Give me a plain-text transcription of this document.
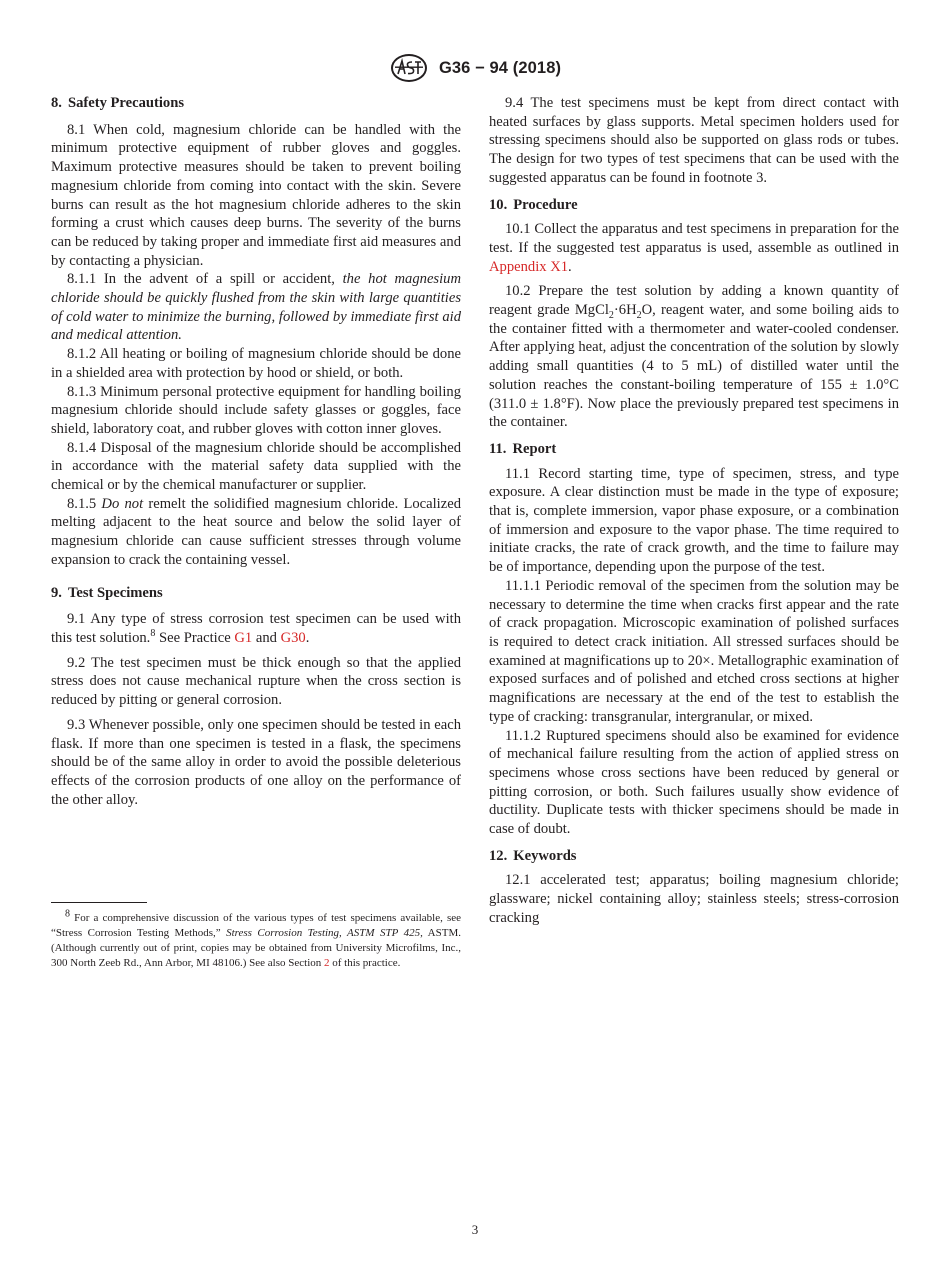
G36 − 94 (2018)
8. Safety Precautions

8.1 When cold, magnesium chloride can be handled with the minimum protective equipment of rubber gloves and goggles. Maximum protective measures should be taken to prevent boiling magnesium chloride from coming into contact with the skin. Severe burns can result as the hot magnesium chloride adheres to the skin forming a crust which causes deep burns. The severity of the burns can be reduced by taking proper and immediate first aid measures and by contacting a physician.

8.1.1 In the advent of a spill or accident, the hot magnesium chloride should be quickly flushed from the skin with large quantities of cold water to minimize the burning, followed by immediate first aid and medical attention.

8.1.2 All heating or boiling of magnesium chloride should be done in a shielded area with protection by hood or shield, or both.

8.1.3 Minimum personal protective equipment for handling boiling magnesium chloride should include safety glasses or goggles, face shield, laboratory coat, and rubber gloves with cotton inner gloves.

8.1.4 Disposal of the magnesium chloride should be accomplished in accordance with the material safety data supplied with the chemical or by the chemical manufacturer or supplier.

8.1.5 Do not remelt the solidified magnesium chloride. Localized melting adjacent to the heat source and below the solid layer of magnesium chloride can cause sufficient stresses through volume expansion to crack the containing vessel.

9. Test Specimens

9.1 Any type of stress corrosion test specimen can be used with this test solution.$^8$ See Practice G1 and G30.

9.2 The test specimen must be thick enough so that the applied stress does not cause mechanical rupture when the cross section is reduced by pitting or general corrosion.

9.3 Whenever possible, only one specimen should be tested in each flask. If more than one specimen is tested in a flask, the specimens should be of the same alloy in order to avoid the possible deleterious effects of the corrosion products of one alloy on the performance of the other alloy.

$^8$ For a comprehensive discussion of the various types of test specimens available, see “Stress Corrosion Testing Methods,” Stress Corrosion Testing, ASTM STP 425, ASTM. (Although currently out of print, copies may be obtained from University Microfilms, Inc., 300 North Zeeb Rd., Ann Arbor, MI 48106.) See also Section 2 of this practice.

9.4 The test specimens must be kept from direct contact with heated surfaces by glass supports. Metal specimen holders used for stressing specimens should also be supported on glass rods or tubes. The design for two types of test specimens that can be used with the suggested apparatus can be found in footnote 3.

10. Procedure

10.1 Collect the apparatus and test specimens in preparation for the test. If the suggested test apparatus is used, assemble as outlined in Appendix X1.

10.2 Prepare the test solution by adding a known quantity of reagent grade $MgCl_2\cdot 6H_2O$, reagent water, and some boiling aids to the container fitted with a thermometer and water-cooled condenser. After applying heat, adjust the concentration of the solution by slowly adding small quantities (4 to 5 mL) of distilled water until the solution reaches the constant-boiling temperature of 155 ± 1.0°C (311.0 ± 1.8°F). Now place the previously prepared test specimens in the container.

11. Report

11.1 Record starting time, type of specimen, stress, and type exposure. A clear distinction must be made in the type of exposure; that is, complete immersion, vapor phase exposure, or a combination of immersion and exposure to the vapor phase. The time required to initiate cracks, the rate of crack growth, and the time to failure may be of importance, depending upon the purpose of the test.

11.1.1 Periodic removal of the specimen from the solution may be necessary to determine the time when cracks first appear and the rate of crack propagation. Microscopic examination of polished surfaces is required to detect crack initiation. All stressed surfaces should be examined at magnifications up to 20×. Metallographic examination of exposed surfaces and of polished and etched cross sections at higher magnifications are necessary at the end of the test to establish the type of cracking: transgranular, intergranular, or mixed.

11.1.2 Ruptured specimens should also be examined for evidence of mechanical failure resulting from the action of applied stress on specimens whose cross sections have been reduced by general or pitting corrosion, or both. Such failures usually show evidence of ductility. Duplicate tests with thicker specimens should be made in case of doubt.

12. Keywords

12.1 accelerated test; apparatus; boiling magnesium chloride; glassware; nickel containing alloy; stainless steels; stress-corrosion cracking

3
